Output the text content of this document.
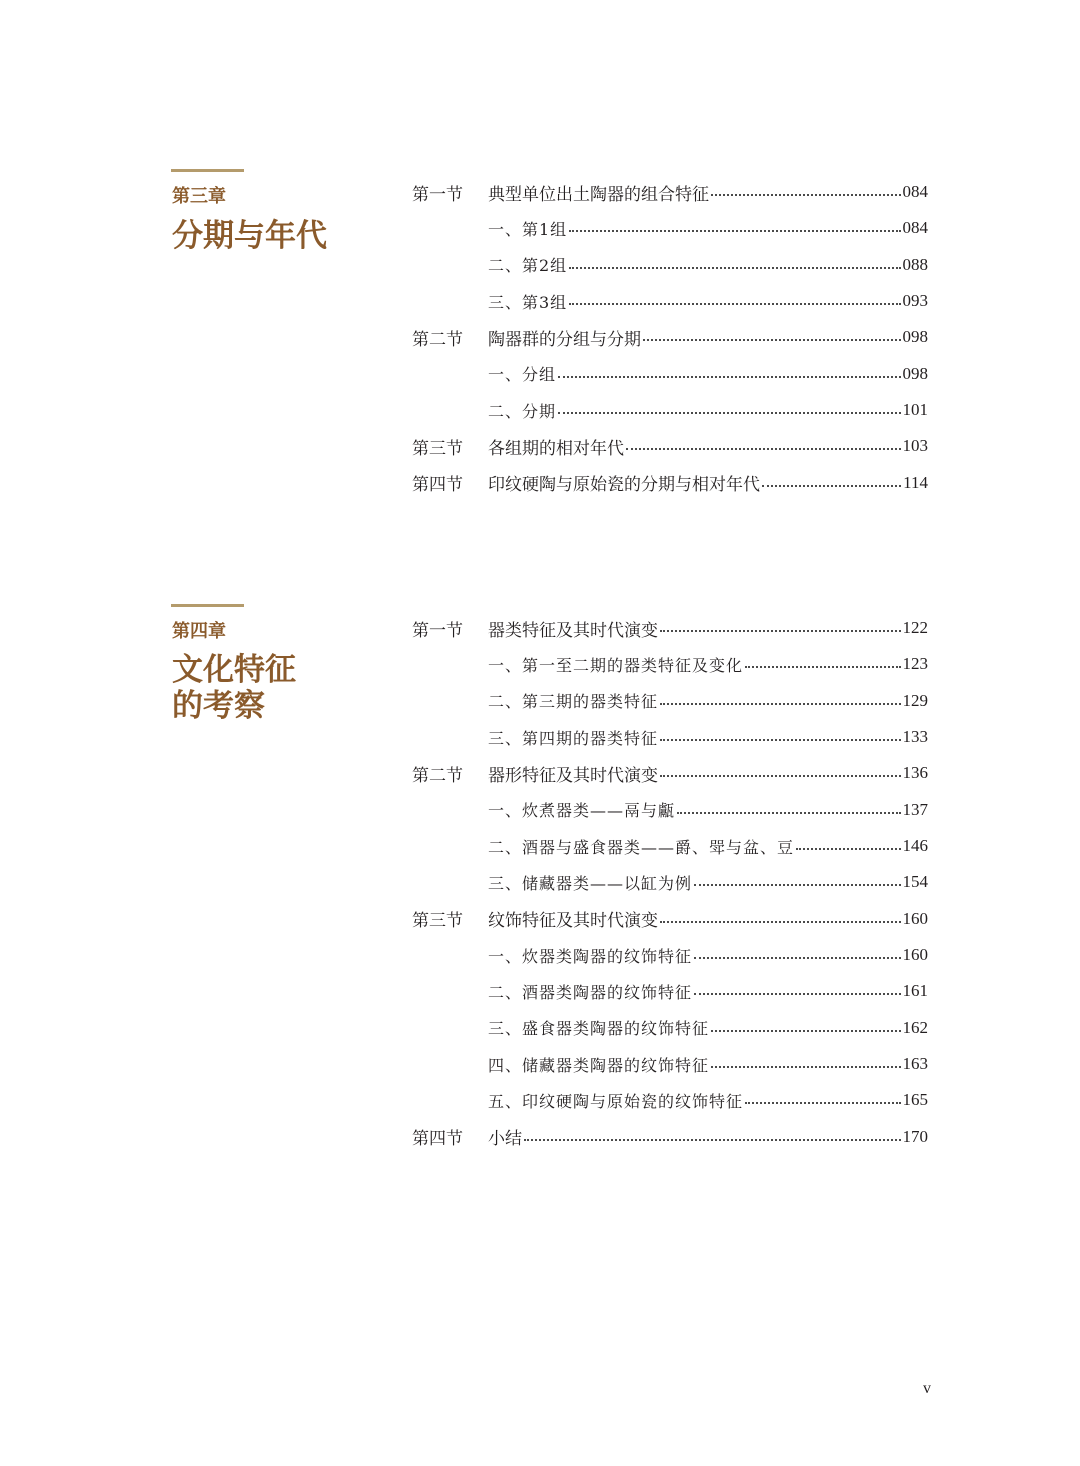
第三章
分期与年代
第一节	典型单位出土陶器的组合特征	084
一、第1组	084
二、第2组	088
三、第3组	093
第二节	陶器群的分组与分期	098
一、分组	098
二、分期	101
第三节	各组期的相对年代	103
第四节	印纹硬陶与原始瓷的分期与相对年代	114
第四章
文化特征
的考察
第一节	器类特征及其时代演变	122
一、第一至二期的器类特征及变化	123
二、第三期的器类特征	129
三、第四期的器类特征	133
第二节	器形特征及其时代演变	136
一、炊煮器类——鬲与甗	137
二、酒器与盛食器类——爵、斝与盆、豆	146
三、储藏器类——以缸为例	154
第三节	纹饰特征及其时代演变	160
一、炊器类陶器的纹饰特征	160
二、酒器类陶器的纹饰特征	161
三、盛食器类陶器的纹饰特征	162
四、储藏器类陶器的纹饰特征	163
五、印纹硬陶与原始瓷的纹饰特征	165
第四节	小结	170
v
